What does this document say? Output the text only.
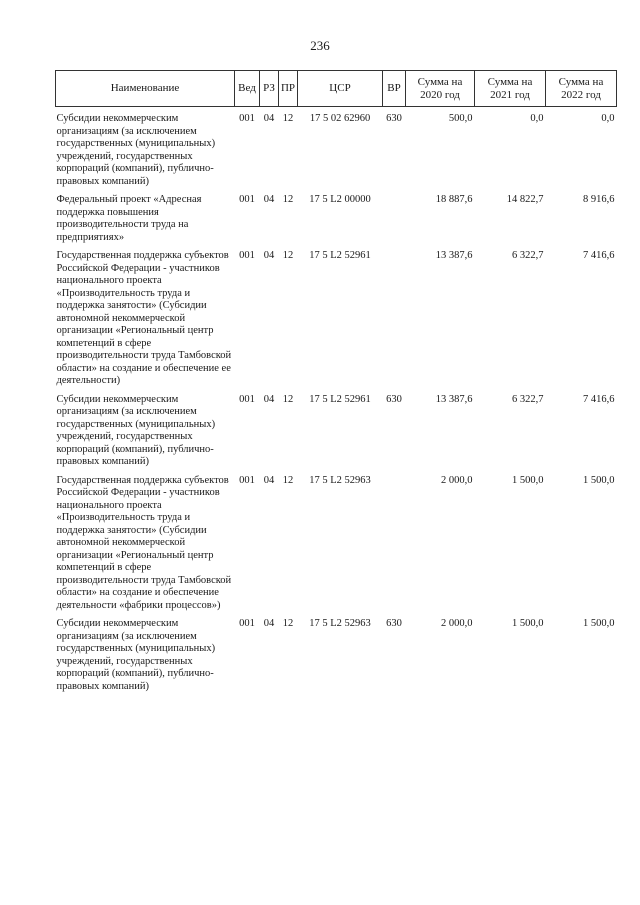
236
Наименование	Вед	РЗ	ПР	ЦСР	ВР	Сумма на 2020 год	Сумма на 2021 год	Сумма на 2022 год

Субсидии некоммерческим организациям (за исключением государственных (муниципальных) учреждений, государственных корпораций (компаний), публично-правовых компаний)	001	04	12	17 5 02 62960	630	500,0	0,0	0,0

Федеральный проект «Адресная поддержка повышения производительности труда на предприятиях»	001	04	12	17 5 L2 00000		18 887,6	14 822,7	8 916,6

Государственная поддержка субъектов Российской Федерации - участников национального проекта «Производительность труда и поддержка занятости» (Субсидии автономной некоммерческой организации «Региональный центр компетенций в сфере производительности труда Тамбовской области» на создание и обеспечение ее деятельности)	001	04	12	17 5 L2 52961		13 387,6	6 322,7	7 416,6

Субсидии некоммерческим организациям (за исключением государственных (муниципальных) учреждений, государственных корпораций (компаний), публично-правовых компаний)	001	04	12	17 5 L2 52961	630	13 387,6	6 322,7	7 416,6

Государственная поддержка субъектов Российской Федерации - участников национального проекта «Производительность труда и поддержка занятости» (Субсидии автономной некоммерческой организации «Региональный центр компетенций в сфере производительности труда Тамбовской области» на создание и обеспечение деятельности «фабрики процессов»)	001	04	12	17 5 L2 52963		2 000,0	1 500,0	1 500,0

Субсидии некоммерческим организациям (за исключением государственных (муниципальных) учреждений, государственных корпораций (компаний), публично-правовых компаний)	001	04	12	17 5 L2 52963	630	2 000,0	1 500,0	1 500,0
